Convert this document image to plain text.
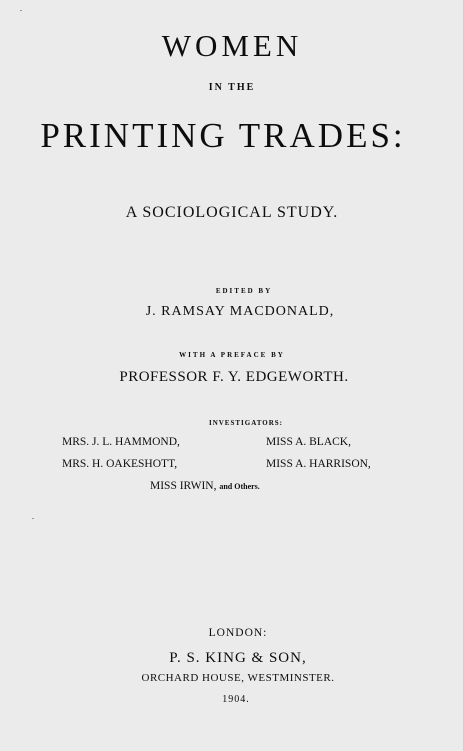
WOMEN
IN THE
PRINTING TRADES:
A SOCIOLOGICAL STUDY.
EDITED BY
J. RAMSAY MACDONALD,
WITH A PREFACE BY
PROFESSOR F. Y. EDGEWORTH.
INVESTIGATORS:
MRS. J. L. HAMMOND,	MISS A. BLACK,
MRS. H. OAKESHOTT,	MISS A. HARRISON,
MISS IRWIN, and Others.
LONDON:
P. S. KING & SON,
ORCHARD HOUSE, WESTMINSTER.
1904.
